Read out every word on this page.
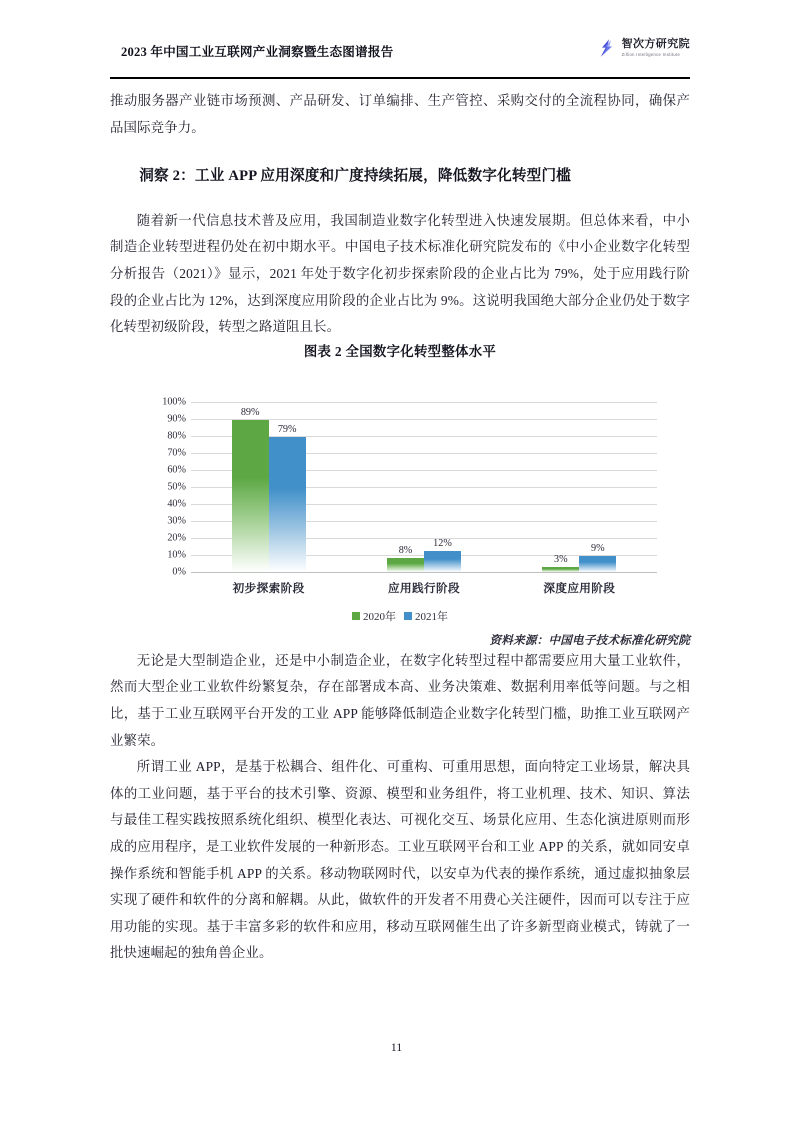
2023 年中国工业互联网产业洞察暨生态图谱报告
智次方研究院
Zillion Intelligence Institute

推动服务器产业链市场预测、产品研发、订单编排、生产管控、采购交付的全流程协同，确保产品国际竞争力。

洞察 2：工业 APP 应用深度和广度持续拓展，降低数字化转型门槛

随着新一代信息技术普及应用，我国制造业数字化转型进入快速发展期。但总体来看，中小制造企业转型进程仍处在初中期水平。中国电子技术标准化研究院发布的《中小企业数字化转型分析报告（2021）》显示，2021 年处于数字化初步探索阶段的企业占比为 79%，处于应用践行阶段的企业占比为 12%，达到深度应用阶段的企业占比为 9%。这说明我国绝大部分企业仍处于数字化转型初级阶段，转型之路道阻且长。

图表 2 全国数字化转型整体水平
100%
90%
80%
70%
60%
50%
40%
30%
20%
10%
0%
89%
79%
8%
12%
3%
9%
初步探索阶段	应用践行阶段	深度应用阶段
2020年 2021年
资料来源：中国电子技术标准化研究院

无论是大型制造企业，还是中小制造企业，在数字化转型过程中都需要应用大量工业软件，然而大型企业工业软件纷繁复杂，存在部署成本高、业务决策难、数据利用率低等问题。与之相比，基于工业互联网平台开发的工业 APP 能够降低制造企业数字化转型门槛，助推工业互联网产业繁荣。

所谓工业 APP，是基于松耦合、组件化、可重构、可重用思想，面向特定工业场景，解决具体的工业问题，基于平台的技术引擎、资源、模型和业务组件，将工业机理、技术、知识、算法与最佳工程实践按照系统化组织、模型化表达、可视化交互、场景化应用、生态化演进原则而形成的应用程序，是工业软件发展的一种新形态。工业互联网平台和工业 APP 的关系，就如同安卓操作系统和智能手机 APP 的关系。移动物联网时代，以安卓为代表的操作系统，通过虚拟抽象层实现了硬件和软件的分离和解耦。从此，做软件的开发者不用费心关注硬件，因而可以专注于应用功能的实现。基于丰富多彩的软件和应用，移动互联网催生出了许多新型商业模式，铸就了一批快速崛起的独角兽企业。

11
